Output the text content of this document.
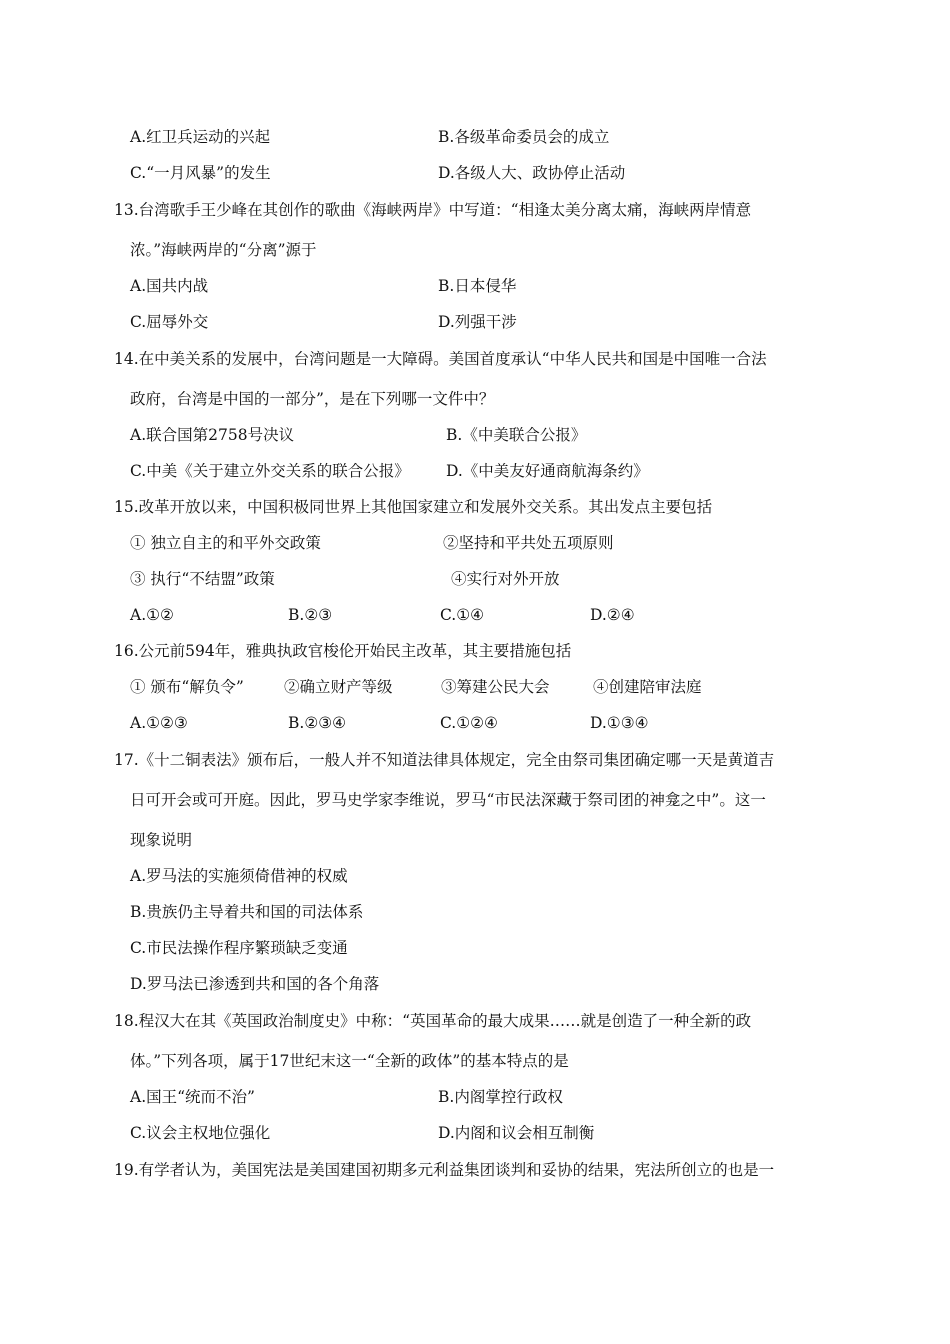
A.红卫兵运动的兴起	B.各级革命委员会的成立
C.“一月风暴”的发生	D.各级人大、政协停止活动
13.台湾歌手王少峰在其创作的歌曲《海峡两岸》中写道：“相逢太美分离太痛，海峡两岸情意
浓。”海峡两岸的“分离”源于
A.国共内战	B.日本侵华
C.屈辱外交	D.列强干涉
14.在中美关系的发展中，台湾问题是一大障碍。美国首度承认“中华人民共和国是中国唯一合法
政府，台湾是中国的一部分”，是在下列哪一文件中？
A.联合国第2758号决议	B.《中美联合公报》
C.中美《关于建立外交关系的联合公报》 D.《中美友好通商航海条约》
15.改革开放以来，中国积极同世界上其他国家建立和发展外交关系。其出发点主要包括
① 独立自主的和平外交政策	②坚持和平共处五项原则
③ 执行“不结盟”政策	④实行对外开放
A.①②	B.②③	C.①④	D.②④
16.公元前594年，雅典执政官梭伦开始民主改革，其主要措施包括
① 颁布“解负令”	②确立财产等级	③筹建公民大会	④创建陪审法庭
A.①②③	B.②③④	C.①②④	D.①③④
17.《十二铜表法》颁布后，一般人并不知道法律具体规定，完全由祭司集团确定哪一天是黄道吉
日可开会或可开庭。因此，罗马史学家李维说，罗马“市民法深藏于祭司团的神龛之中”。这一
现象说明
A.罗马法的实施须倚借神的权威
B.贵族仍主导着共和国的司法体系
C.市民法操作程序繁琐缺乏变通
D.罗马法已渗透到共和国的各个角落
18.程汉大在其《英国政治制度史》中称：“英国革命的最大成果……就是创造了一种全新的政
体。”下列各项，属于17世纪末这一“全新的政体”的基本特点的是
A.国王“统而不治”	B.内阁掌控行政权
C.议会主权地位强化	D.内阁和议会相互制衡
19.有学者认为，美国宪法是美国建国初期多元利益集团谈判和妥协的结果，宪法所创立的也是一
